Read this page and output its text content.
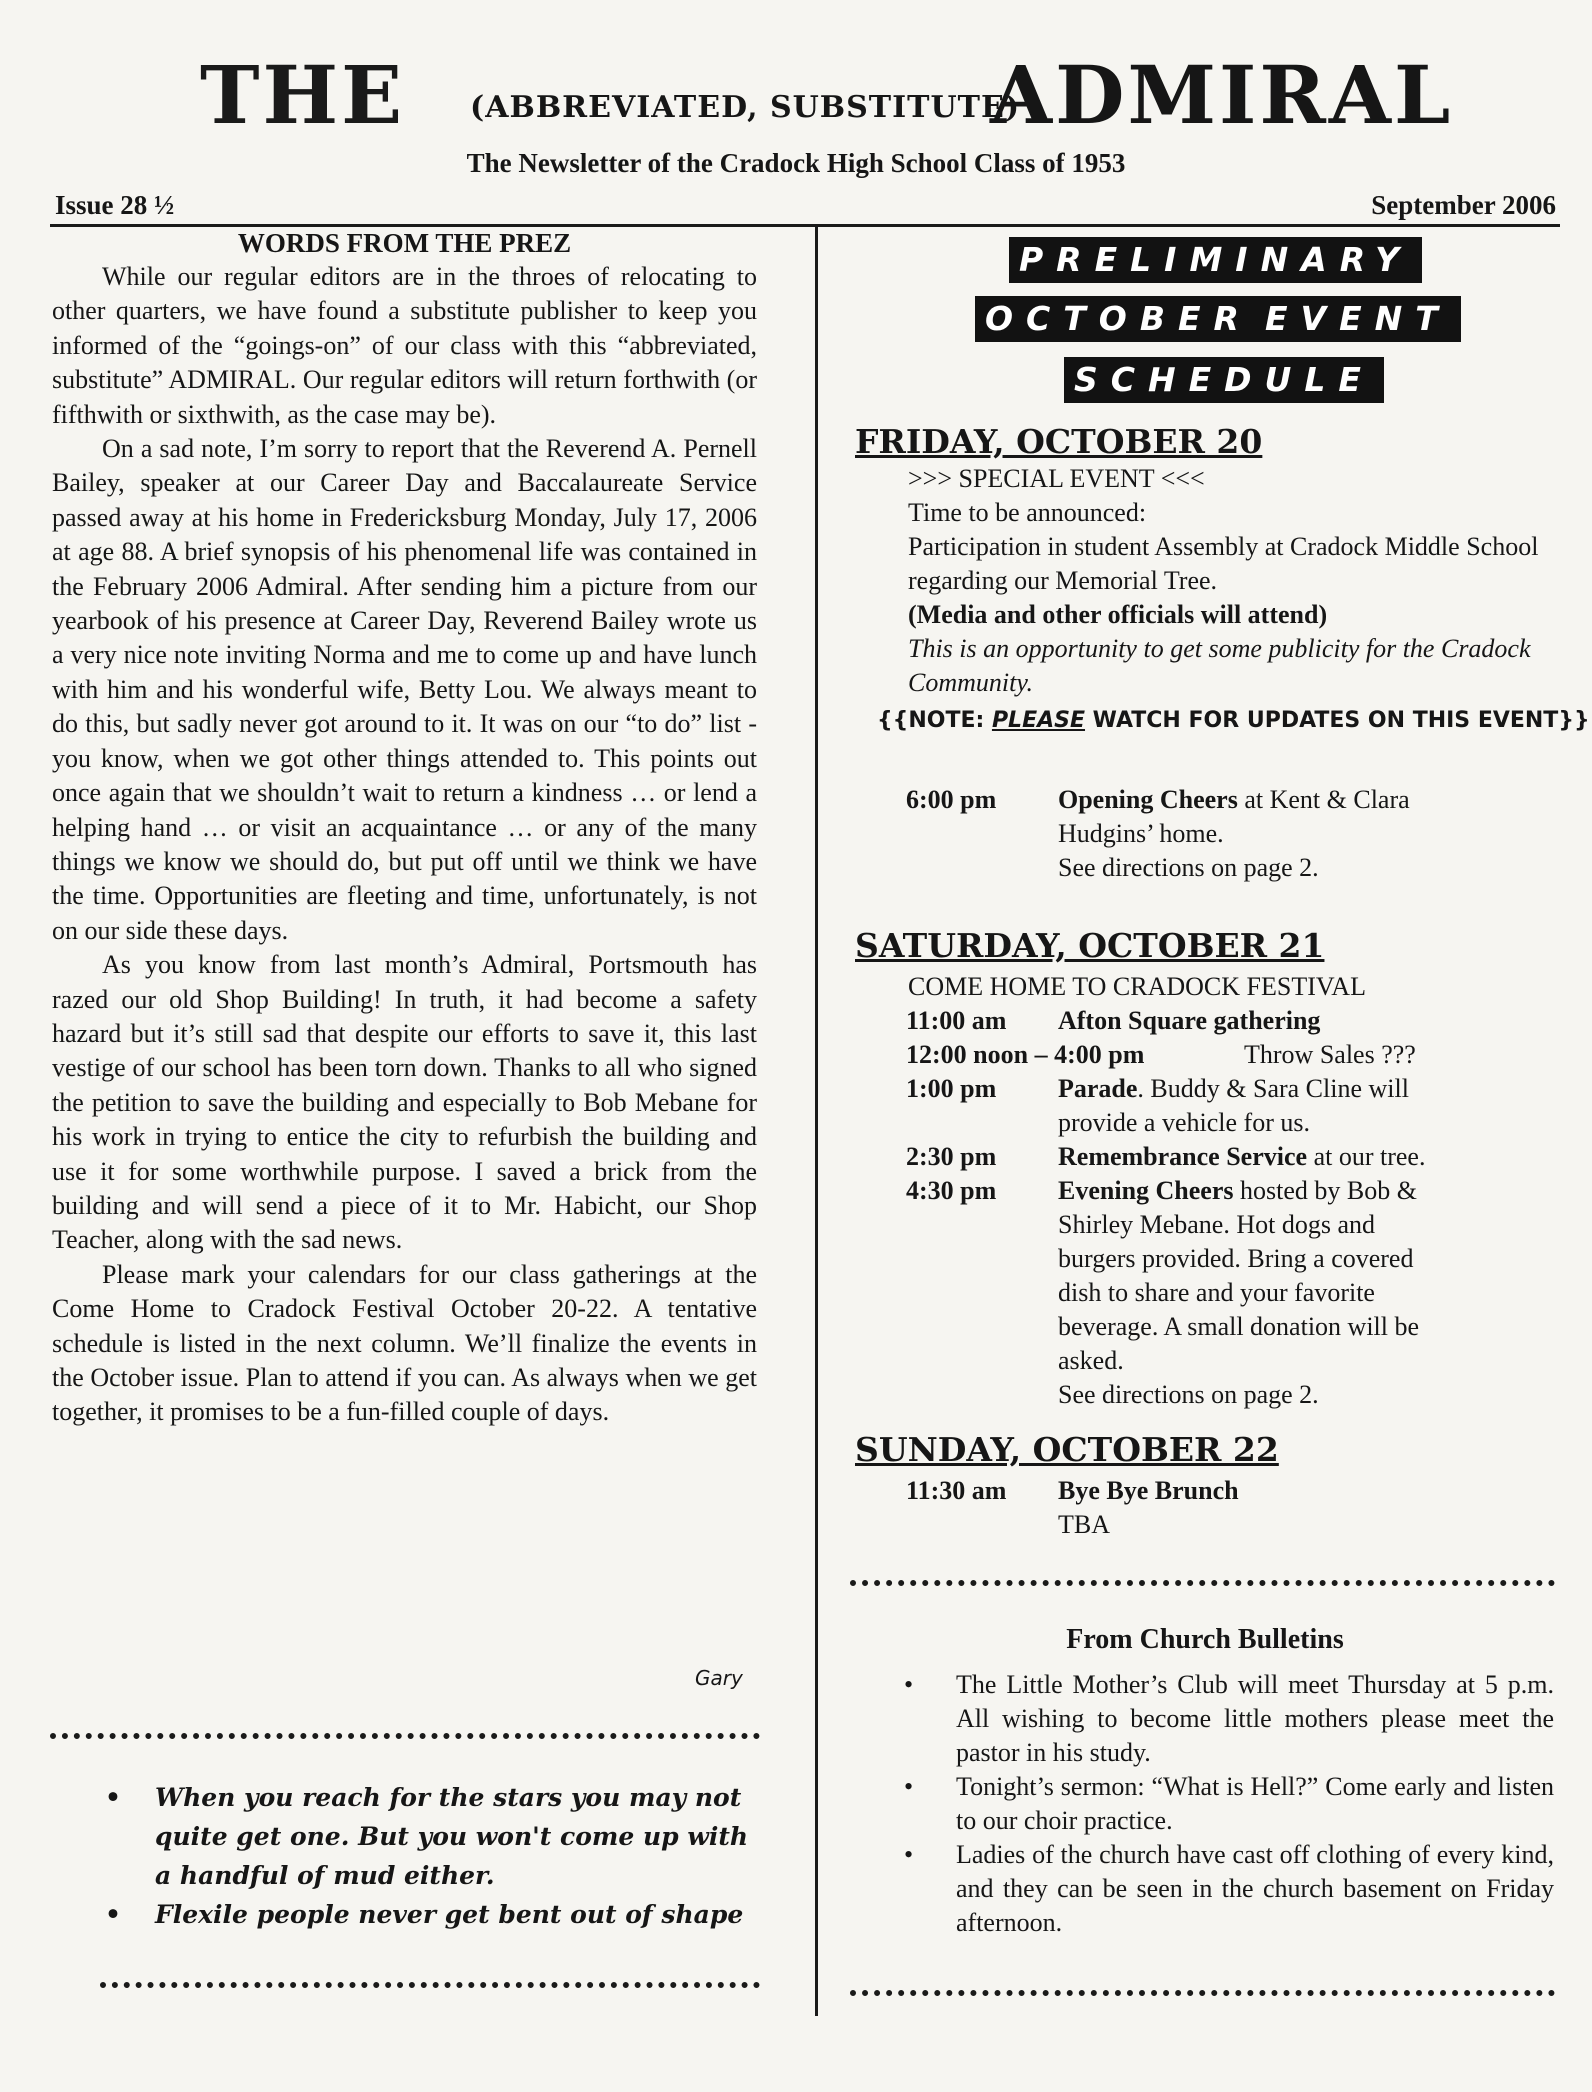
THE (ABBREVIATED, SUBSTITUTE)
ADMIRAL
The Newsletter of the Cradock High School Class of 1953
Issue 28 ½	September 2006
WORDS FROM THE PREZ

While our regular editors are in the throes of relocating to other quarters, we have found a substitute publisher to keep you informed of the “goings-on” of our class with this “abbreviated, substitute” ADMIRAL. Our regular editors will return forthwith (or fifthwith or sixthwith, as the case may be).

On a sad note, I’m sorry to report that the Reverend A. Pernell Bailey, speaker at our Career Day and Baccalaureate Service passed away at his home in Fredericksburg Monday, July 17, 2006 at age 88. A brief synopsis of his phenomenal life was contained in the February 2006 Admiral. After sending him a picture from our yearbook of his presence at Career Day, Reverend Bailey wrote us a very nice note inviting Norma and me to come up and have lunch with him and his wonderful wife, Betty Lou. We always meant to do this, but sadly never got around to it. It was on our “to do” list - you know, when we got other things attended to. This points out once again that we shouldn’t wait to return a kindness … or lend a helping hand … or visit an acquaintance … or any of the many things we know we should do, but put off until we think we have the time. Opportunities are fleeting and time, unfortunately, is not on our side these days.

As you know from last month’s Admiral, Portsmouth has razed our old Shop Building! In truth, it had become a safety hazard but it’s still sad that despite our efforts to save it, this last vestige of our school has been torn down. Thanks to all who signed the petition to save the building and especially to Bob Mebane for his work in trying to entice the city to refurbish the building and use it for some worthwhile purpose. I saved a brick from the building and will send a piece of it to Mr. Habicht, our Shop Teacher, along with the sad news.

Please mark your calendars for our class gatherings at the Come Home to Cradock Festival October 20-22. A tentative schedule is listed in the next column. We’ll finalize the events in the October issue. Plan to attend if you can. As always when we get together, it promises to be a fun-filled couple of days.

Gary
• When you reach for the stars you may not quite get one. But you won't come up with a handful of mud either.
• Flexile people never get bent out of shape
PRELIMINARY
OCTOBER EVENT
SCHEDULE
FRIDAY, OCTOBER 20
>>> SPECIAL EVENT <<<
Time to be announced:
Participation in student Assembly at Cradock Middle School regarding our Memorial Tree.
(Media and other officials will attend)
This is an opportunity to get some publicity for the Cradock Community.
{{NOTE: PLEASE WATCH FOR UPDATES ON THIS EVENT}}
6:00 pm Opening Cheers at Kent & Clara Hudgins’ home.
See directions on page 2.
SATURDAY, OCTOBER 21
COME HOME TO CRADOCK FESTIVAL
11:00 am Afton Square gathering
12:00 noon – 4:00 pm	Throw Sales ???
1:00 pm Parade. Buddy & Sara Cline will provide a vehicle for us.
2:30 pm Remembrance Service at our tree.
4:30 pm Evening Cheers hosted by Bob & Shirley Mebane. Hot dogs and burgers provided. Bring a covered dish to share and your favorite beverage. A small donation will be asked.
See directions on page 2.
SUNDAY, OCTOBER 22
11:30 am Bye Bye Brunch
TBA
From Church Bulletins
• The Little Mother’s Club will meet Thursday at 5 p.m. All wishing to become little mothers please meet the pastor in his study.
• Tonight’s sermon: “What is Hell?” Come early and listen to our choir practice.
• Ladies of the church have cast off clothing of every kind, and they can be seen in the church basement on Friday afternoon.
